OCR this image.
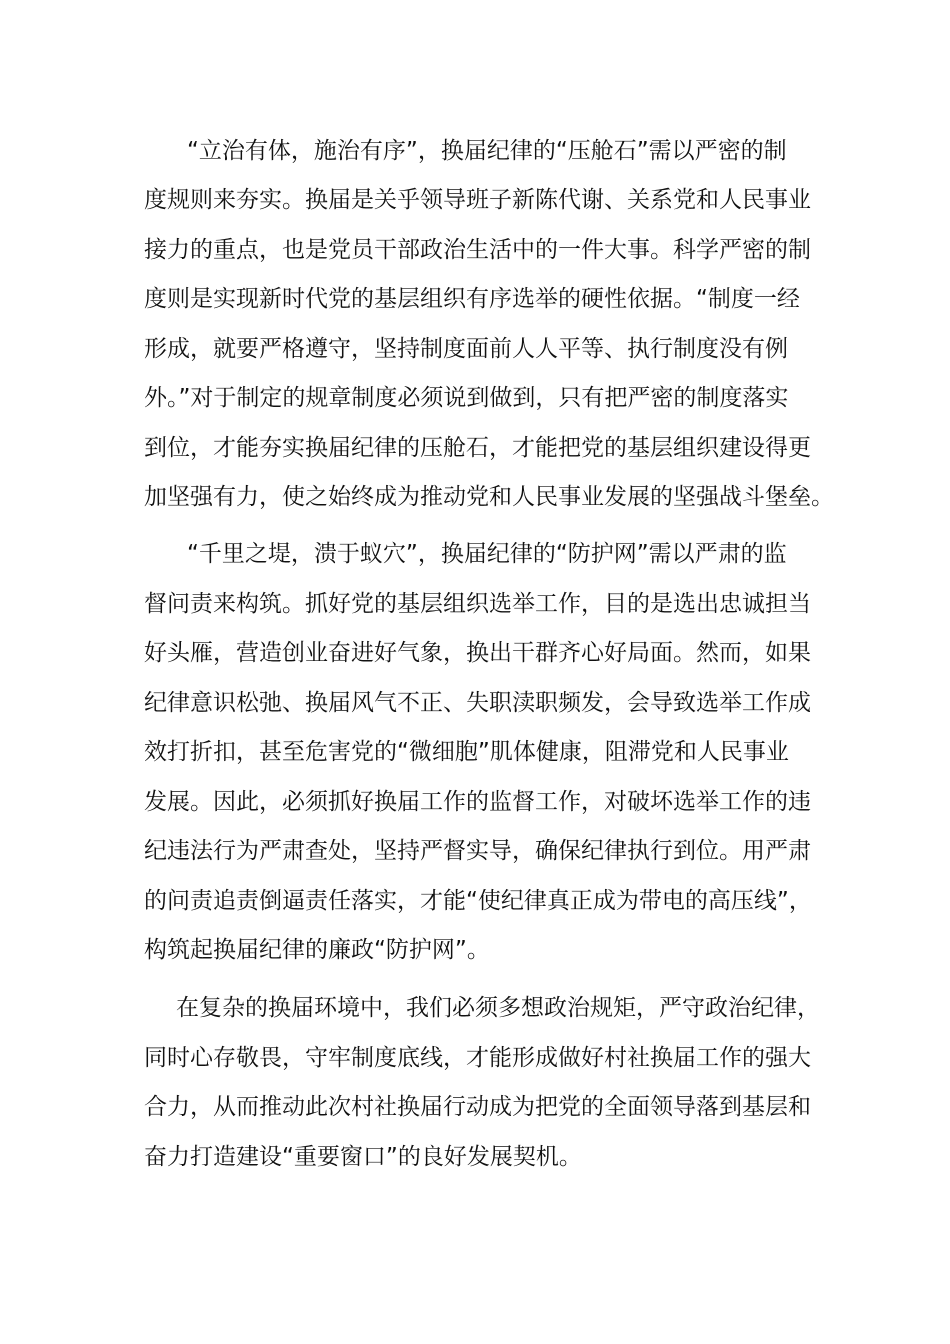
“立治有体，施治有序”，换届纪律的“压舱石”需以严密的制
度规则来夯实。换届是关乎领导班子新陈代谢、关系党和人民事业
接力的重点，也是党员干部政治生活中的一件大事。科学严密的制
度则是实现新时代党的基层组织有序选举的硬性依据。“制度一经
形成，就要严格遵守，坚持制度面前人人平等、执行制度没有例
外。”对于制定的规章制度必须说到做到，只有把严密的制度落实
到位，才能夯实换届纪律的压舱石，才能把党的基层组织建设得更
加坚强有力，使之始终成为推动党和人民事业发展的坚强战斗堡垒。
“千里之堤，溃于蚁穴”，换届纪律的“防护网”需以严肃的监
督问责来构筑。抓好党的基层组织选举工作，目的是选出忠诚担当
好头雁，营造创业奋进好气象，换出干群齐心好局面。然而，如果
纪律意识松弛、换届风气不正、失职渎职频发，会导致选举工作成
效打折扣，甚至危害党的“微细胞”肌体健康，阻滞党和人民事业
发展。因此，必须抓好换届工作的监督工作，对破坏选举工作的违
纪违法行为严肃查处，坚持严督实导，确保纪律执行到位。用严肃
的问责追责倒逼责任落实，才能“使纪律真正成为带电的高压线”，
构筑起换届纪律的廉政“防护网”。
在复杂的换届环境中，我们必须多想政治规矩，严守政治纪律，
同时心存敬畏，守牢制度底线，才能形成做好村社换届工作的强大
合力，从而推动此次村社换届行动成为把党的全面领导落到基层和
奋力打造建设“重要窗口”的良好发展契机。
